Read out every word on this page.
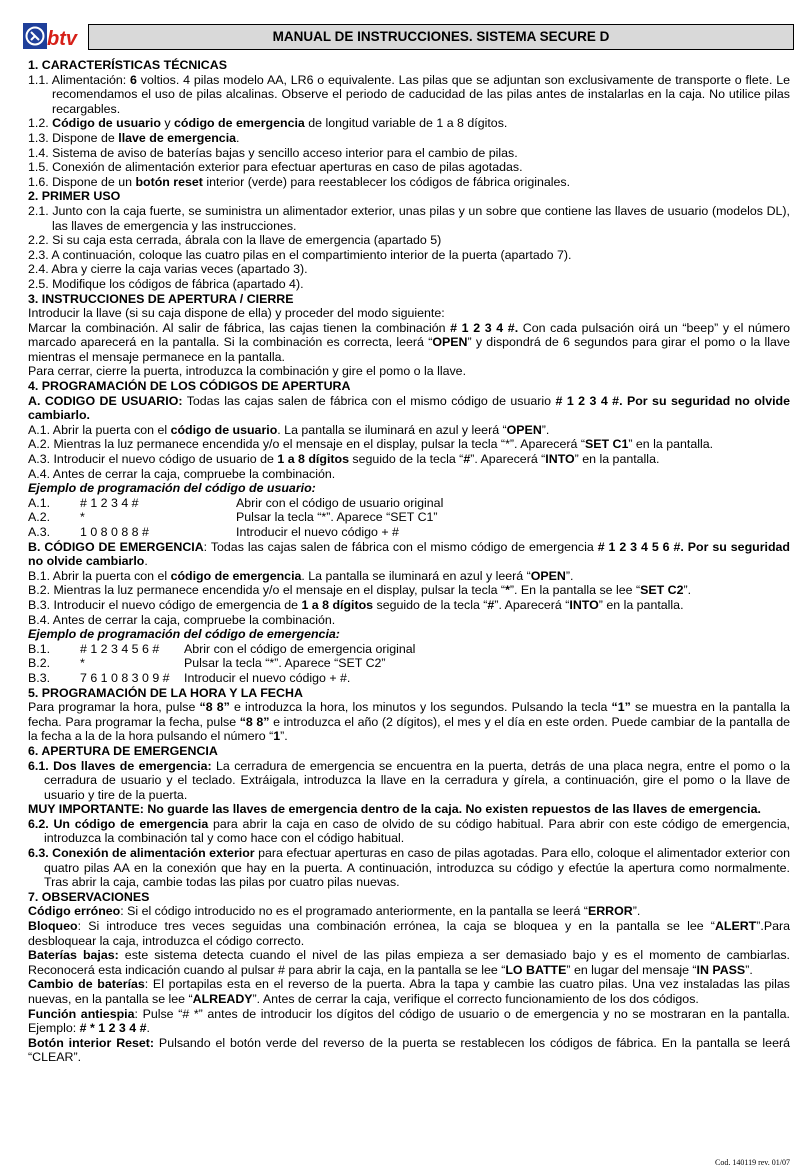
btv	MANUAL DE INSTRUCCIONES. SISTEMA SECURE D
1. CARACTERÍSTICAS TÉCNICAS
1.1. Alimentación: 6 voltios. 4 pilas modelo AA, LR6 o equivalente. Las pilas que se adjuntan son exclusivamente de transporte o flete. Le recomendamos el uso de pilas alcalinas. Observe el periodo de caducidad de las pilas antes de instalarlas en la caja. No utilice pilas recargables.
1.2. Código de usuario y código de emergencia de longitud variable de 1 a 8 dígitos.
1.3. Dispone de llave de emergencia.
1.4. Sistema de aviso de baterías bajas y sencillo acceso interior para el cambio de pilas.
1.5. Conexión de alimentación exterior para efectuar aperturas en caso de pilas agotadas.
1.6. Dispone de un botón reset interior (verde) para reestablecer los códigos de fábrica originales.
2. PRIMER USO
2.1. Junto con la caja fuerte, se suministra un alimentador exterior, unas pilas y un sobre que contiene las llaves de usuario (modelos DL), las llaves de emergencia y las instrucciones.
2.2. Si su caja esta cerrada, ábrala con la llave de emergencia (apartado 5)
2.3. A continuación, coloque las cuatro pilas en el compartimiento interior de la puerta (apartado 7).
2.4. Abra y cierre la caja varias veces (apartado 3).
2.5. Modifique los códigos de fábrica (apartado 4).
3. INSTRUCCIONES DE APERTURA / CIERRE
Introducir la llave (si su caja dispone de ella) y proceder del modo siguiente:
Marcar la combinación. Al salir de fábrica, las cajas tienen la combinación # 1 2 3 4 #. Con cada pulsación oirá un “beep” y el número marcado aparecerá en la pantalla. Si la combinación es correcta, leerá “OPEN” y dispondrá de 6 segundos para girar el pomo o la llave mientras el mensaje permanece en la pantalla.
Para cerrar, cierre la puerta, introduzca la combinación y gire el pomo o la llave.
4. PROGRAMACIÓN DE LOS CÓDIGOS DE APERTURA
A. CODIGO DE USUARIO: Todas las cajas salen de fábrica con el mismo código de usuario # 1 2 3 4 #. Por su seguridad no olvide cambiarlo.
A.1. Abrir la puerta con el código de usuario. La pantalla se iluminará en azul y leerá “OPEN”.
A.2. Mientras la luz permanece encendida y/o el mensaje en el display, pulsar la tecla “*”. Aparecerá “SET C1” en la pantalla.
A.3. Introducir el nuevo código de usuario de 1 a 8 dígitos seguido de la tecla “#”. Aparecerá “INTO” en la pantalla.
A.4. Antes de cerrar la caja, compruebe la combinación.
Ejemplo de programación del código de usuario:
A.1.	# 1 2 3 4 #	Abrir con el código de usuario original
A.2.	*	Pulsar la tecla “*”. Aparece “SET C1”
A.3.	1 0 8 0 8 8 #	Introducir el nuevo código + #
B. CÓDIGO DE EMERGENCIA: Todas las cajas salen de fábrica con el mismo código de emergencia # 1 2 3 4 5 6 #. Por su seguridad no olvide cambiarlo.
B.1. Abrir la puerta con el código de emergencia. La pantalla se iluminará en azul y leerá “OPEN”.
B.2. Mientras la luz permanece encendida y/o el mensaje en el display, pulsar la tecla “*”. En la pantalla se lee “SET C2”.
B.3. Introducir el nuevo código de emergencia de 1 a 8 dígitos seguido de la tecla “#”. Aparecerá “INTO” en la pantalla.
B.4. Antes de cerrar la caja, compruebe la combinación.
Ejemplo de programación del código de emergencia:
B.1.	# 1 2 3 4 5 6 #	Abrir con el código de emergencia original
B.2.	*	Pulsar la tecla “*”. Aparece “SET C2”
B.3.	7 6 1 0 8 3 0 9 #	Introducir el nuevo código + #.
5. PROGRAMACIÓN DE LA HORA Y LA FECHA
Para programar la hora, pulse “8 8” e introduzca la hora, los minutos y los segundos. Pulsando la tecla “1” se muestra en la pantalla la fecha. Para programar la fecha, pulse “8 8” e introduzca el año (2 dígitos), el mes y el día en este orden. Puede cambiar de la pantalla de la fecha a la de la hora pulsando el número “1”.
6. APERTURA DE EMERGENCIA
6.1. Dos llaves de emergencia: La cerradura de emergencia se encuentra en la puerta, detrás de una placa negra, entre el pomo o la cerradura de usuario y el teclado. Extráigala, introduzca la llave en la cerradura y gírela, a continuación, gire el pomo o la llave de usuario y tire de la puerta.
MUY IMPORTANTE: No guarde las llaves de emergencia dentro de la caja. No existen repuestos de las llaves de emergencia.
6.2. Un código de emergencia para abrir la caja en caso de olvido de su código habitual. Para abrir con este código de emergencia, introduzca la combinación tal y como hace con el código habitual.
6.3. Conexión de alimentación exterior para efectuar aperturas en caso de pilas agotadas. Para ello, coloque el alimentador exterior con quatro pilas AA en la conexión que hay en la puerta. A continuación, introduzca su código y efectúe la apertura como normalmente. Tras abrir la caja, cambie todas las pilas por cuatro pilas nuevas.
7. OBSERVACIONES
Código erróneo: Si el código introducido no es el programado anteriormente, en la pantalla se leerá “ERROR”.
Bloqueo: Si introduce tres veces seguidas una combinación errónea, la caja se bloquea y en la pantalla se lee “ALERT”.Para desbloquear la caja, introduzca el código correcto.
Baterías bajas: este sistema detecta cuando el nivel de las pilas empieza a ser demasiado bajo y es el momento de cambiarlas. Reconocerá esta indicación cuando al pulsar # para abrir la caja, en la pantalla se lee “LO BATTE” en lugar del mensaje “IN PASS”.
Cambio de baterías: El portapilas esta en el reverso de la puerta. Abra la tapa y cambie las cuatro pilas. Una vez instaladas las pilas nuevas, en la pantalla se lee “ALREADY”. Antes de cerrar la caja, verifique el correcto funcionamiento de los dos códigos.
Función antiespia: Pulse “# *” antes de introducir los dígitos del código de usuario o de emergencia y no se mostraran en la pantalla. Ejemplo: # * 1 2 3 4 #.
Botón interior Reset: Pulsando el botón verde del reverso de la puerta se restablecen los códigos de fábrica. En la pantalla se leerá “CLEAR”.
Cod. 140119 rev. 01/07
